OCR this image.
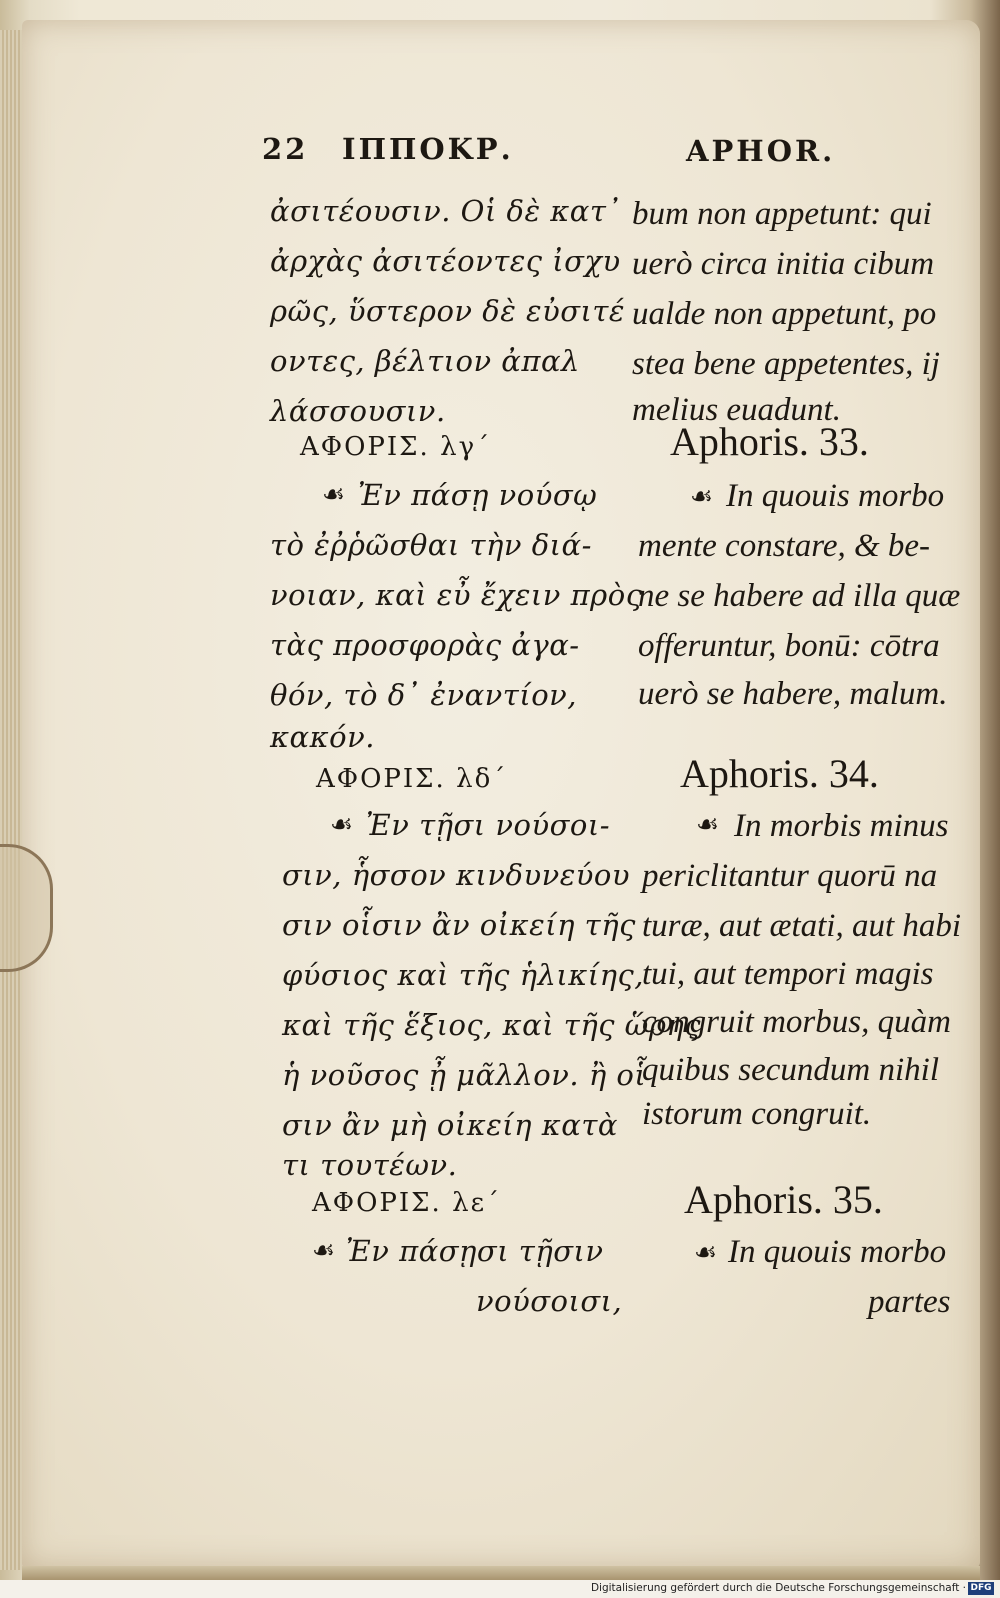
22 ΙΠΠΟΚΡ.	APHOR.
ἀσιτέουσιν. Οἱ δὲ κατ᾽
ἀρχὰς ἀσιτέοντες ἰσχυ
ρῶς, ὕστερον δὲ εὐσιτέ
οντες, βέλτιον ἀπαλ
λάσσουσιν.
ΑΦΟΡΙΣ. λγ´
☙ Ἐν πάσῃ νούσῳ
τὸ ἐῤῥῶσθαι τὴν διά-
νοιαν, καὶ εὖ ἔχειν πρὸς
τὰς προσφορὰς ἀγα-
θόν, τὸ δ᾽ ἐναντίον,
κακόν.
ΑΦΟΡΙΣ. λδ´
☙ Ἐν τῇσι νούσοι-
σιν, ἧσσον κινδυνεύου
σιν οἷσιν ἂν οἰκείη τῆς
φύσιος καὶ τῆς ἡλικίης,
καὶ τῆς ἕξιος, καὶ τῆς ὥρης
ἡ νοῦσος ᾖ μᾶλλον. ἢ οἷ
σιν ἂν μὴ οἰκείη κατὰ
τι τουτέων.
ΑΦΟΡΙΣ. λε´
☙ Ἐν πάσῃσι τῇσιν
νούσοισι,
bum non appetunt: qui
uerò circa initia cibum
ualde non appetunt, po
stea bene appetentes, ij
melius euadunt.
Aphoris. 33.
☙ In quouis morbo
mente constare, & be-
ne se habere ad illa quæ
offeruntur, bonū: cōtra
uerò se habere, malum.
Aphoris. 34.
☙ In morbis minus
periclitantur quorū na
turæ, aut ætati, aut habi
tui, aut tempori magis
congruit morbus, quàm
quibus secundum nihil
istorum congruit.
Aphoris. 35.
☙ In quouis morbo
partes
Digitalisierung gefördert durch die Deutsche Forschungsgemeinschaft · DFG
